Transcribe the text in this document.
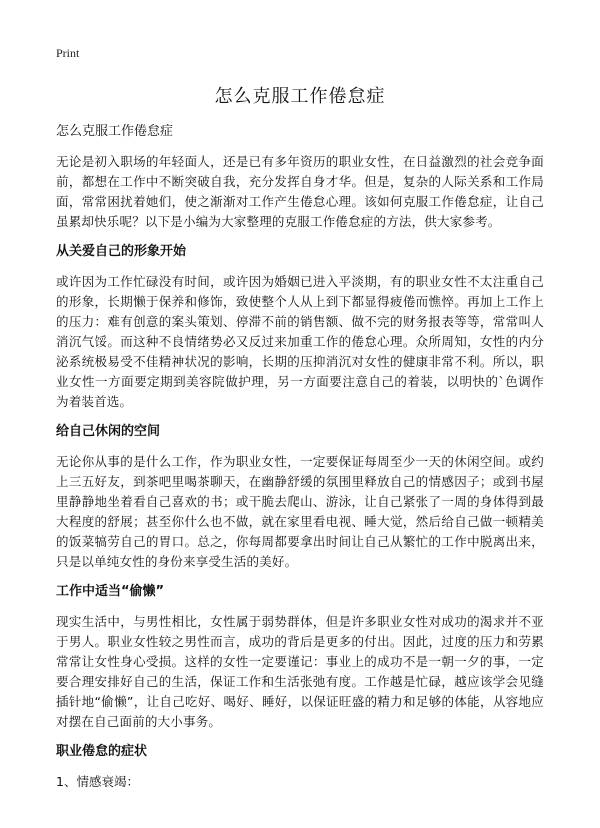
Print

怎么克服工作倦怠症

怎么克服工作倦怠症

无论是初入职场的年轻面人，还是已有多年资历的职业女性，在日益激烈的社会竞争面前，都想在工作中不断突破自我，充分发挥自身才华。但是，复杂的人际关系和工作局面，常常困扰着她们，使之渐渐对工作产生倦怠心理。该如何克服工作倦怠症，让自己虽累却快乐呢？以下是小编为大家整理的克服工作倦怠症的方法，供大家参考。

从关爱自己的形象开始

或许因为工作忙碌没有时间，或许因为婚姻已进入平淡期，有的职业女性不太注重自己的形象，长期懒于保养和修饰，致使整个人从上到下都显得疲倦而憔悴。再加上工作上的压力：难有创意的案头策划、停滞不前的销售额、做不完的财务报表等等，常常叫人消沉气馁。而这种不良情绪势必又反过来加重工作的倦怠心理。众所周知，女性的内分泌系统极易受不佳精神状况的影响，长期的压抑消沉对女性的健康非常不利。所以，职业女性一方面要定期到美容院做护理，另一方面要注意自己的着装，以明快的`色调作为着装首选。

给自己休闲的空间

无论你从事的是什么工作，作为职业女性，一定要保证每周至少一天的休闲空间。或约上三五好友，到茶吧里喝茶聊天，在幽静舒缓的氛围里释放自己的情感因子；或到书屋里静静地坐着看自己喜欢的书；或干脆去爬山、游泳，让自己紧张了一周的身体得到最大程度的舒展；甚至你什么也不做，就在家里看电视、睡大觉，然后给自己做一顿精美的饭菜犒劳自己的胃口。总之，你每周都要拿出时间让自己从繁忙的工作中脱离出来，只是以单纯女性的身份来享受生活的美好。

工作中适当“偷懒”

现实生活中，与男性相比，女性属于弱势群体，但是许多职业女性对成功的渴求并不亚于男人。职业女性较之男性而言，成功的背后是更多的付出。因此，过度的压力和劳累常常让女性身心受损。这样的女性一定要谨记：事业上的成功不是一朝一夕的事，一定要合理安排好自己的生活，保证工作和生活张弛有度。工作越是忙碌，越应该学会见缝插针地“偷懒”，让自己吃好、喝好、睡好，以保证旺盛的精力和足够的体能，从容地应对摆在自己面前的大小事务。

职业倦怠的症状

1、情感衰竭：
